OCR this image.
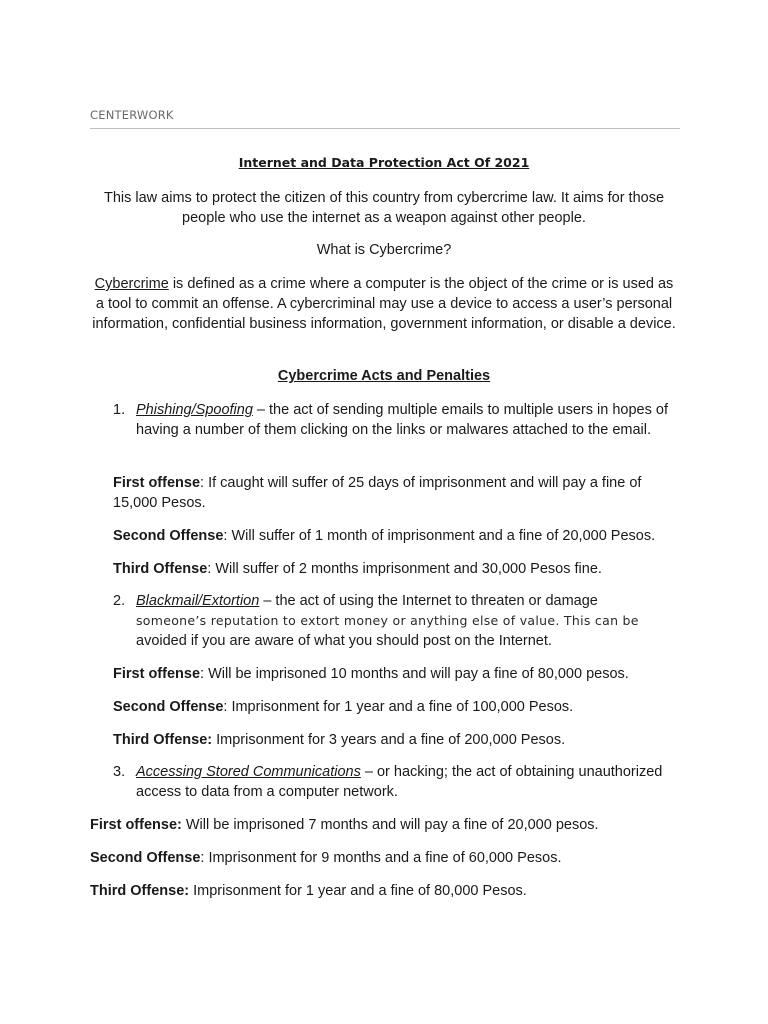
CENTERWORK
Internet and Data Protection Act Of 2021
This law aims to protect the citizen of this country from cybercrime law. It aims for those people who use the internet as a weapon against other people.
What is Cybercrime?
Cybercrime is defined as a crime where a computer is the object of the crime or is used as a tool to commit an offense. A cybercriminal may use a device to access a user’s personal information, confidential business information, government information, or disable a device.
Cybercrime Acts and Penalties
1. Phishing/Spoofing – the act of sending multiple emails to multiple users in hopes of having a number of them clicking on the links or malwares attached to the email.
First offense: If caught will suffer of 25 days of imprisonment and will pay a fine of 15,000 Pesos.
Second Offense: Will suffer of 1 month of imprisonment and a fine of 20,000 Pesos.
Third Offense: Will suffer of 2 months imprisonment and 30,000 Pesos fine.
2. Blackmail/Extortion – the act of using the Internet to threaten or damage
someone’s reputation to extort money or anything else of value. This can be
avoided if you are aware of what you should post on the Internet.
First offense: Will be imprisoned 10 months and will pay a fine of 80,000 pesos.
Second Offense: Imprisonment for 1 year and a fine of 100,000 Pesos.
Third Offense: Imprisonment for 3 years and a fine of 200,000 Pesos.
3. Accessing Stored Communications – or hacking; the act of obtaining unauthorized access to data from a computer network.
First offense: Will be imprisoned 7 months and will pay a fine of 20,000 pesos.
Second Offense: Imprisonment for 9 months and a fine of 60,000 Pesos.
Third Offense: Imprisonment for 1 year and a fine of 80,000 Pesos.
